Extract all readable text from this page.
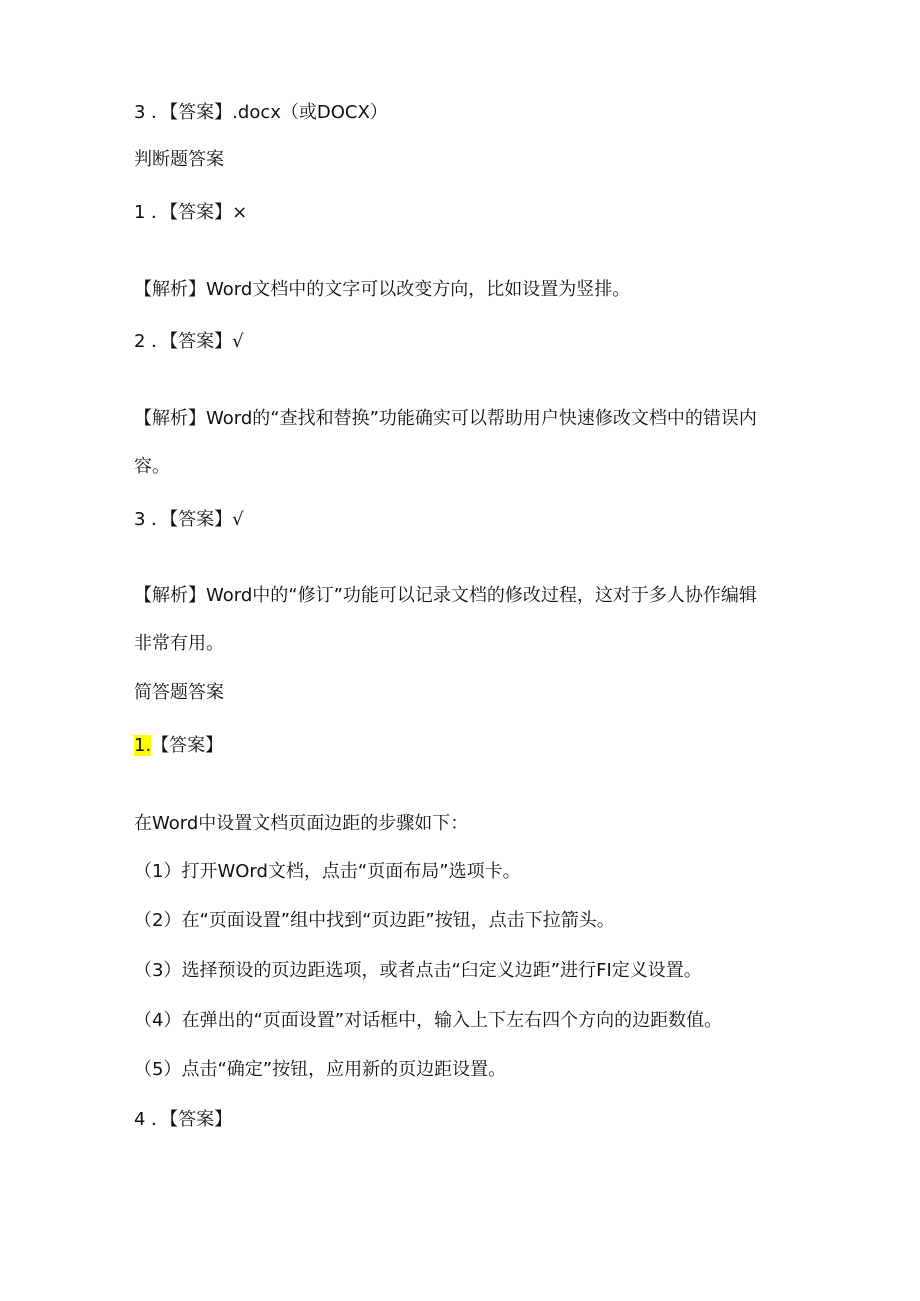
3 ．【答案】.docx（或DOCX）
判断题答案
1 ．【答案】×
【解析】Word文档中的文字可以改变方向，比如设置为竖排。
2 ．【答案】√
【解析】Word的“查找和替换”功能确实可以帮助用户快速修改文档中的错误内
容。
3 ．【答案】√
【解析】Word中的“修订”功能可以记录文档的修改过程，这对于多人协作编辑
非常有用。
简答题答案
1.【答案】
在Word中设置文档页面边距的步骤如下：
（1）打开WOrd文档，点击“页面布局”选项卡。
（2）在“页面设置”组中找到“页边距”按钮，点击下拉箭头。
（3）选择预设的页边距选项，或者点击“臼定义边距”进行FI定义设置。
（4）在弹出的“页面设置”对话框中，输入上下左右四个方向的边距数值。
（5）点击“确定”按钮，应用新的页边距设置。
4 ．【答案】
